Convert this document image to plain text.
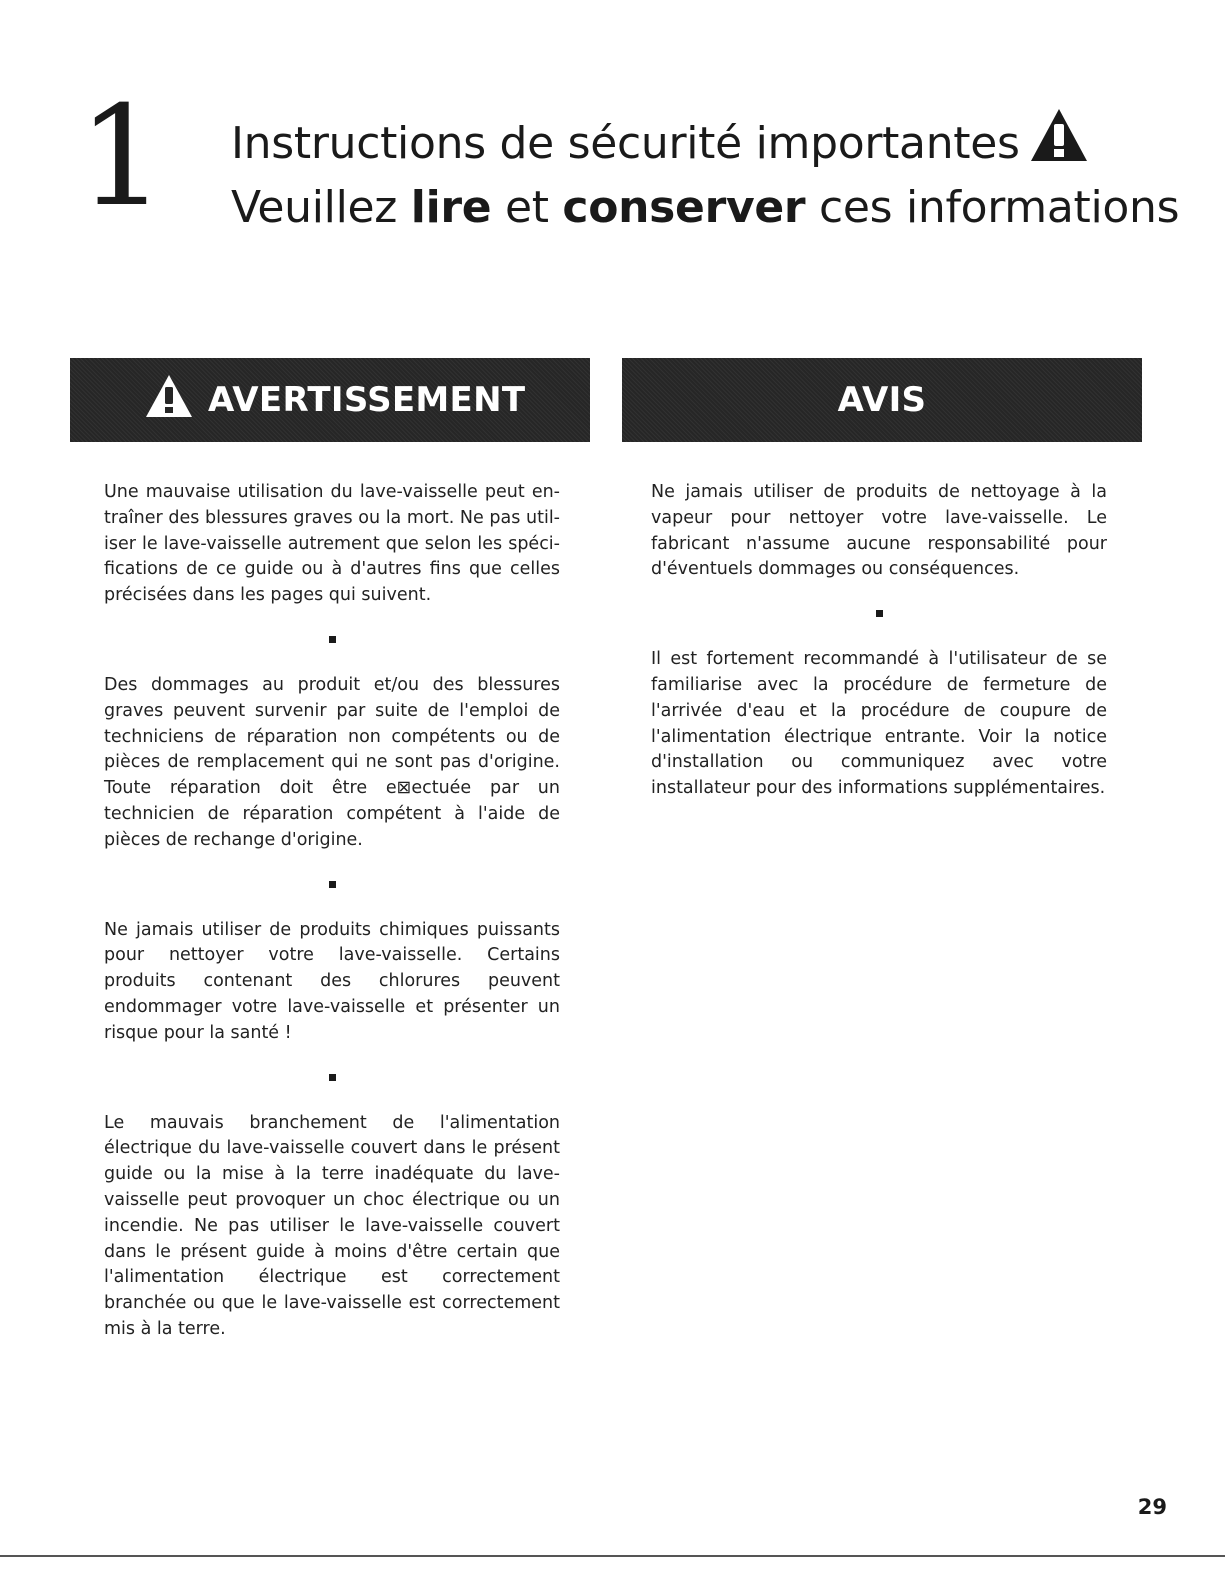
1 Instructions de sécurité importantes
Veuillez lire et conserver ces informations
AVERTISSEMENT	AVIS

Une mauvaise utilisation du lave-vaisselle peut en-traîner des blessures graves ou la mort. Ne pas util-iser le lave-vaisselle autrement que selon les spéci-fications de ce guide ou à d'autres fins que celles précisées dans les pages qui suivent.

Des dommages au produit et/ou des blessures graves peuvent survenir par suite de l'emploi de techniciens de réparation non compétents ou de pièces de remplacement qui ne sont pas d'origine. Toute réparation doit être e⊠ectuée par un technicien de réparation compétent à l'aide de pièces de rechange d'origine.

Ne jamais utiliser de produits chimiques puissants pour nettoyer votre lave-vaisselle. Certains produits contenant des chlorures peuvent endommager votre lave-vaisselle et présenter un risque pour la santé !

Le mauvais branchement de l'alimentation électrique du lave-vaisselle couvert dans le présent guide ou la mise à la terre inadéquate du lave-vaisselle peut provoquer un choc électrique ou un incendie. Ne pas utiliser le lave-vaisselle couvert dans le présent guide à moins d'être certain que l'alimentation électrique est correctement branchée ou que le lave-vaisselle est correctement mis à la terre.

Ne jamais utiliser de produits de nettoyage à la vapeur pour nettoyer votre lave-vaisselle. Le fabricant n'assume aucune responsabilité pour d'éventuels dommages ou conséquences.

Il est fortement recommandé à l'utilisateur de se familiarise avec la procédure de fermeture de l'arrivée d'eau et la procédure de coupure de l'alimentation électrique entrante. Voir la notice d'installation ou communiquez avec votre installateur pour des informations supplémentaires.

29
